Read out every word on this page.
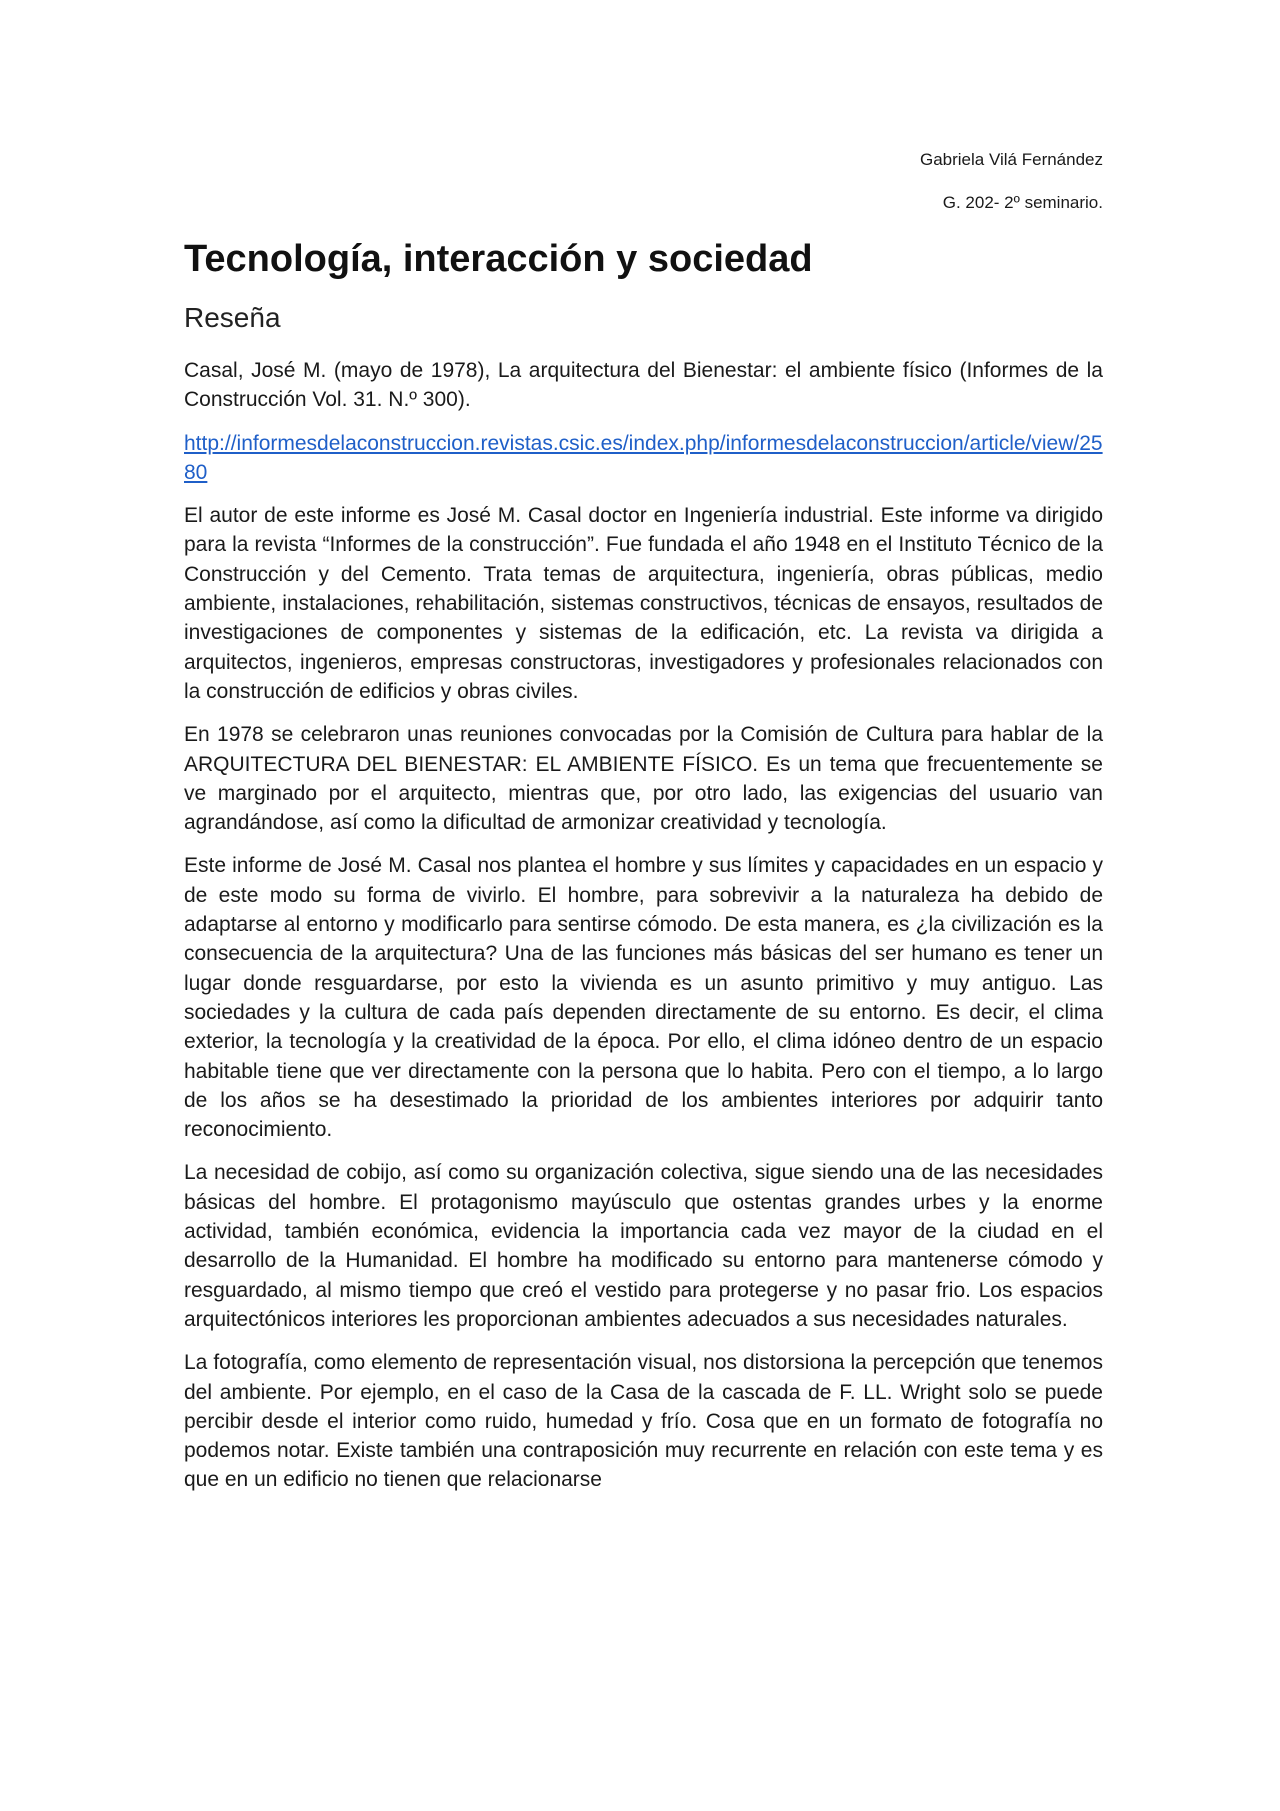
Gabriela Vilá Fernández
G. 202- 2º seminario.
Tecnología, interacción y sociedad
Reseña

Casal, José M. (mayo de 1978), La arquitectura del Bienestar: el ambiente físico (Informes de la Construcción Vol. 31. N.º 300).

http://informesdelaconstruccion.revistas.csic.es/index.php/informesdelaconstruccion/article/view/2580

El autor de este informe es José M. Casal doctor en Ingeniería industrial. Este informe va dirigido para la revista “Informes de la construcción”. Fue fundada el año 1948 en el Instituto Técnico de la Construcción y del Cemento. Trata temas de arquitectura, ingeniería, obras públicas, medio ambiente, instalaciones, rehabilitación, sistemas constructivos, técnicas de ensayos, resultados de investigaciones de componentes y sistemas de la edificación, etc. La revista va dirigida a arquitectos, ingenieros, empresas constructoras, investigadores y profesionales relacionados con la construcción de edificios y obras civiles.

En 1978 se celebraron unas reuniones convocadas por la Comisión de Cultura para hablar de la ARQUITECTURA DEL BIENESTAR: EL AMBIENTE FÍSICO. Es un tema que frecuentemente se ve marginado por el arquitecto, mientras que, por otro lado, las exigencias del usuario van agrandándose, así como la dificultad de armonizar creatividad y tecnología.

Este informe de José M. Casal nos plantea el hombre y sus límites y capacidades en un espacio y de este modo su forma de vivirlo. El hombre, para sobrevivir a la naturaleza ha debido de adaptarse al entorno y modificarlo para sentirse cómodo. De esta manera, es ¿la civilización es la consecuencia de la arquitectura? Una de las funciones más básicas del ser humano es tener un lugar donde resguardarse, por esto la vivienda es un asunto primitivo y muy antiguo. Las sociedades y la cultura de cada país dependen directamente de su entorno. Es decir, el clima exterior, la tecnología y la creatividad de la época. Por ello, el clima idóneo dentro de un espacio habitable tiene que ver directamente con la persona que lo habita. Pero con el tiempo, a lo largo de los años se ha desestimado la prioridad de los ambientes interiores por adquirir tanto reconocimiento.

La necesidad de cobijo, así como su organización colectiva, sigue siendo una de las necesidades básicas del hombre. El protagonismo mayúsculo que ostentas grandes urbes y la enorme actividad, también económica, evidencia la importancia cada vez mayor de la ciudad en el desarrollo de la Humanidad. El hombre ha modificado su entorno para mantenerse cómodo y resguardado, al mismo tiempo que creó el vestido para protegerse y no pasar frio. Los espacios arquitectónicos interiores les proporcionan ambientes adecuados a sus necesidades naturales.

La fotografía, como elemento de representación visual, nos distorsiona la percepción que tenemos del ambiente. Por ejemplo, en el caso de la Casa de la cascada de F. LL. Wright solo se puede percibir desde el interior como ruido, humedad y frío. Cosa que en un formato de fotografía no podemos notar. Existe también una contraposición muy recurrente en relación con este tema y es que en un edificio no tienen que relacionarse
